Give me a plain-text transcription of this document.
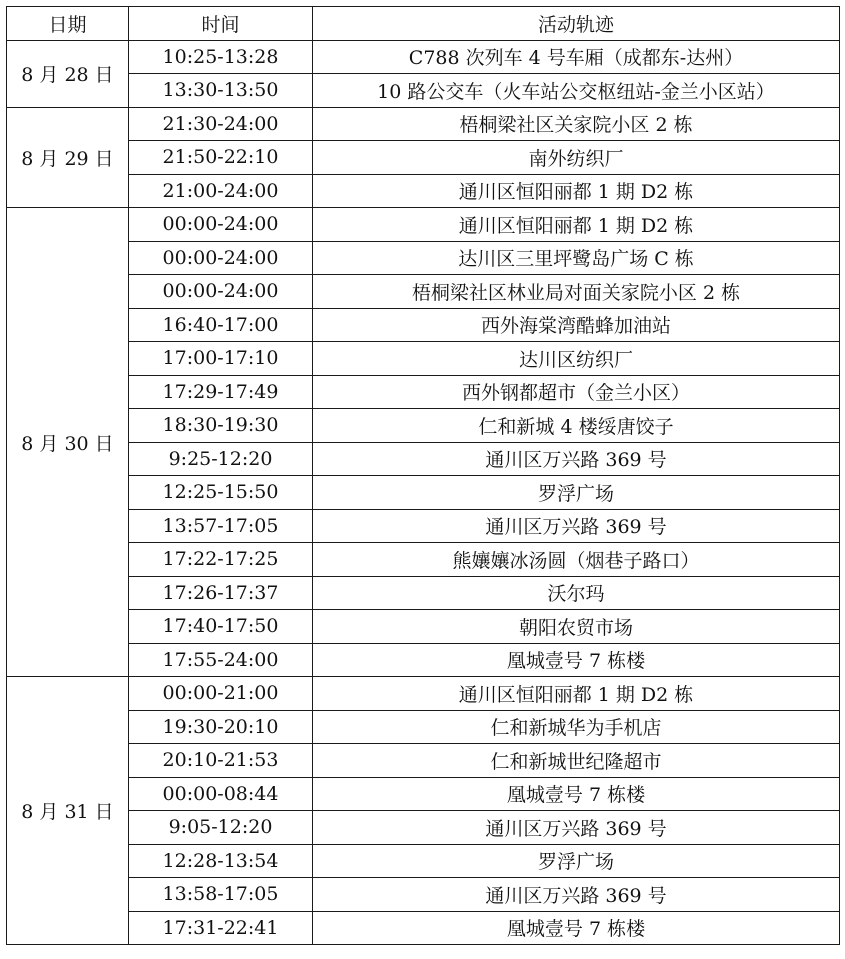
日期	时间	活动轨迹
8 月 28 日	10:25-13:28	C788 次列车 4 号车厢（成都东-达州）
	13:30-13:50	10 路公交车（火车站公交枢纽站-金兰小区站）
8 月 29 日	21:30-24:00	梧桐梁社区关家院小区 2 栋
	21:50-22:10	南外纺织厂
	21:00-24:00	通川区恒阳丽都 1 期 D2 栋
8 月 30 日	00:00-24:00	通川区恒阳丽都 1 期 D2 栋
	00:00-24:00	达川区三里坪鹭岛广场 C 栋
	00:00-24:00	梧桐梁社区林业局对面关家院小区 2 栋
	16:40-17:00	西外海棠湾酷蜂加油站
	17:00-17:10	达川区纺织厂
	17:29-17:49	西外钢都超市（金兰小区）
	18:30-19:30	仁和新城 4 楼绥唐饺子
	9:25-12:20	通川区万兴路 369 号
	12:25-15:50	罗浮广场
	13:57-17:05	通川区万兴路 369 号
	17:22-17:25	熊孃孃冰汤圆（烟巷子路口）
	17:26-17:37	沃尔玛
	17:40-17:50	朝阳农贸市场
	17:55-24:00	凰城壹号 7 栋楼
8 月 31 日	00:00-21:00	通川区恒阳丽都 1 期 D2 栋
	19:30-20:10	仁和新城华为手机店
	20:10-21:53	仁和新城世纪隆超市
	00:00-08:44	凰城壹号 7 栋楼
	9:05-12:20	通川区万兴路 369 号
	12:28-13:54	罗浮广场
	13:58-17:05	通川区万兴路 369 号
	17:31-22:41	凰城壹号 7 栋楼
